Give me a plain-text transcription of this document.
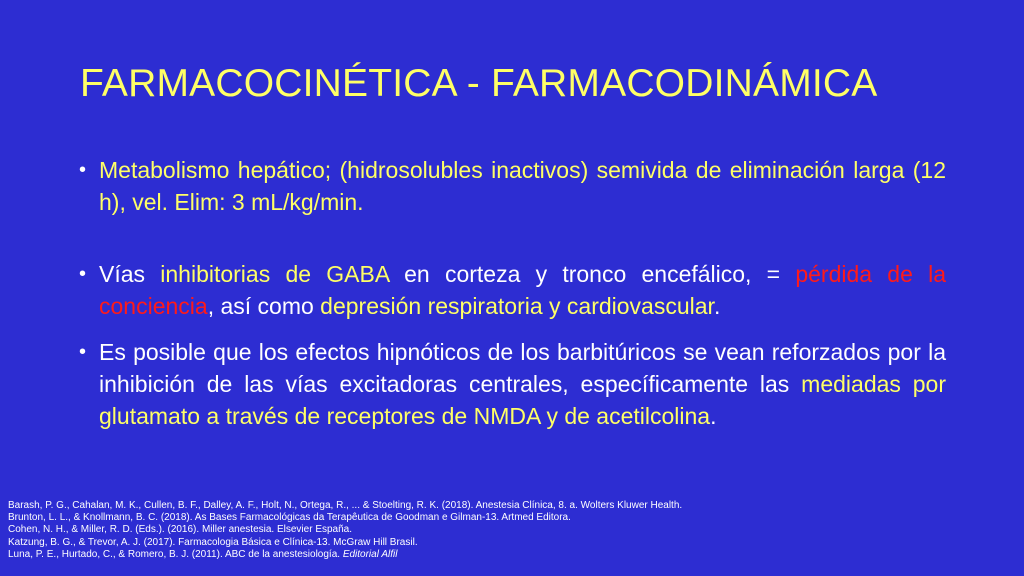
FARMACOCINÉTICA - FARMACODINÁMICA
• Metabolismo hepático; (hidrosolubles inactivos) semivida de eliminación larga (12 h), vel. Elim: 3 mL/kg/min.
• Vías inhibitorias de GABA en corteza y tronco encefálico, = pérdida de la conciencia, así como depresión respiratoria y cardiovascular.
• Es posible que los efectos hipnóticos de los barbitúricos se vean reforzados por la inhibición de las vías excitadoras centrales, específicamente las mediadas por glutamato a través de receptores de NMDA y de acetilcolina.
Barash, P. G., Cahalan, M. K., Cullen, B. F., Dalley, A. F., Holt, N., Ortega, R., ... & Stoelting, R. K. (2018). Anestesia Clínica, 8. a. Wolters Kluwer Health.
Brunton, L. L., & Knollmann, B. C. (2018). As Bases Farmacológicas da Terapêutica de Goodman e Gilman-13. Artmed Editora.
Cohen, N. H., & Miller, R. D. (Eds.). (2016). Miller anestesia. Elsevier España.
Katzung, B. G., & Trevor, A. J. (2017). Farmacologia Básica e Clínica-13. McGraw Hill Brasil.
Luna, P. E., Hurtado, C., & Romero, B. J. (2011). ABC de la anestesiología. Editorial Alfil
